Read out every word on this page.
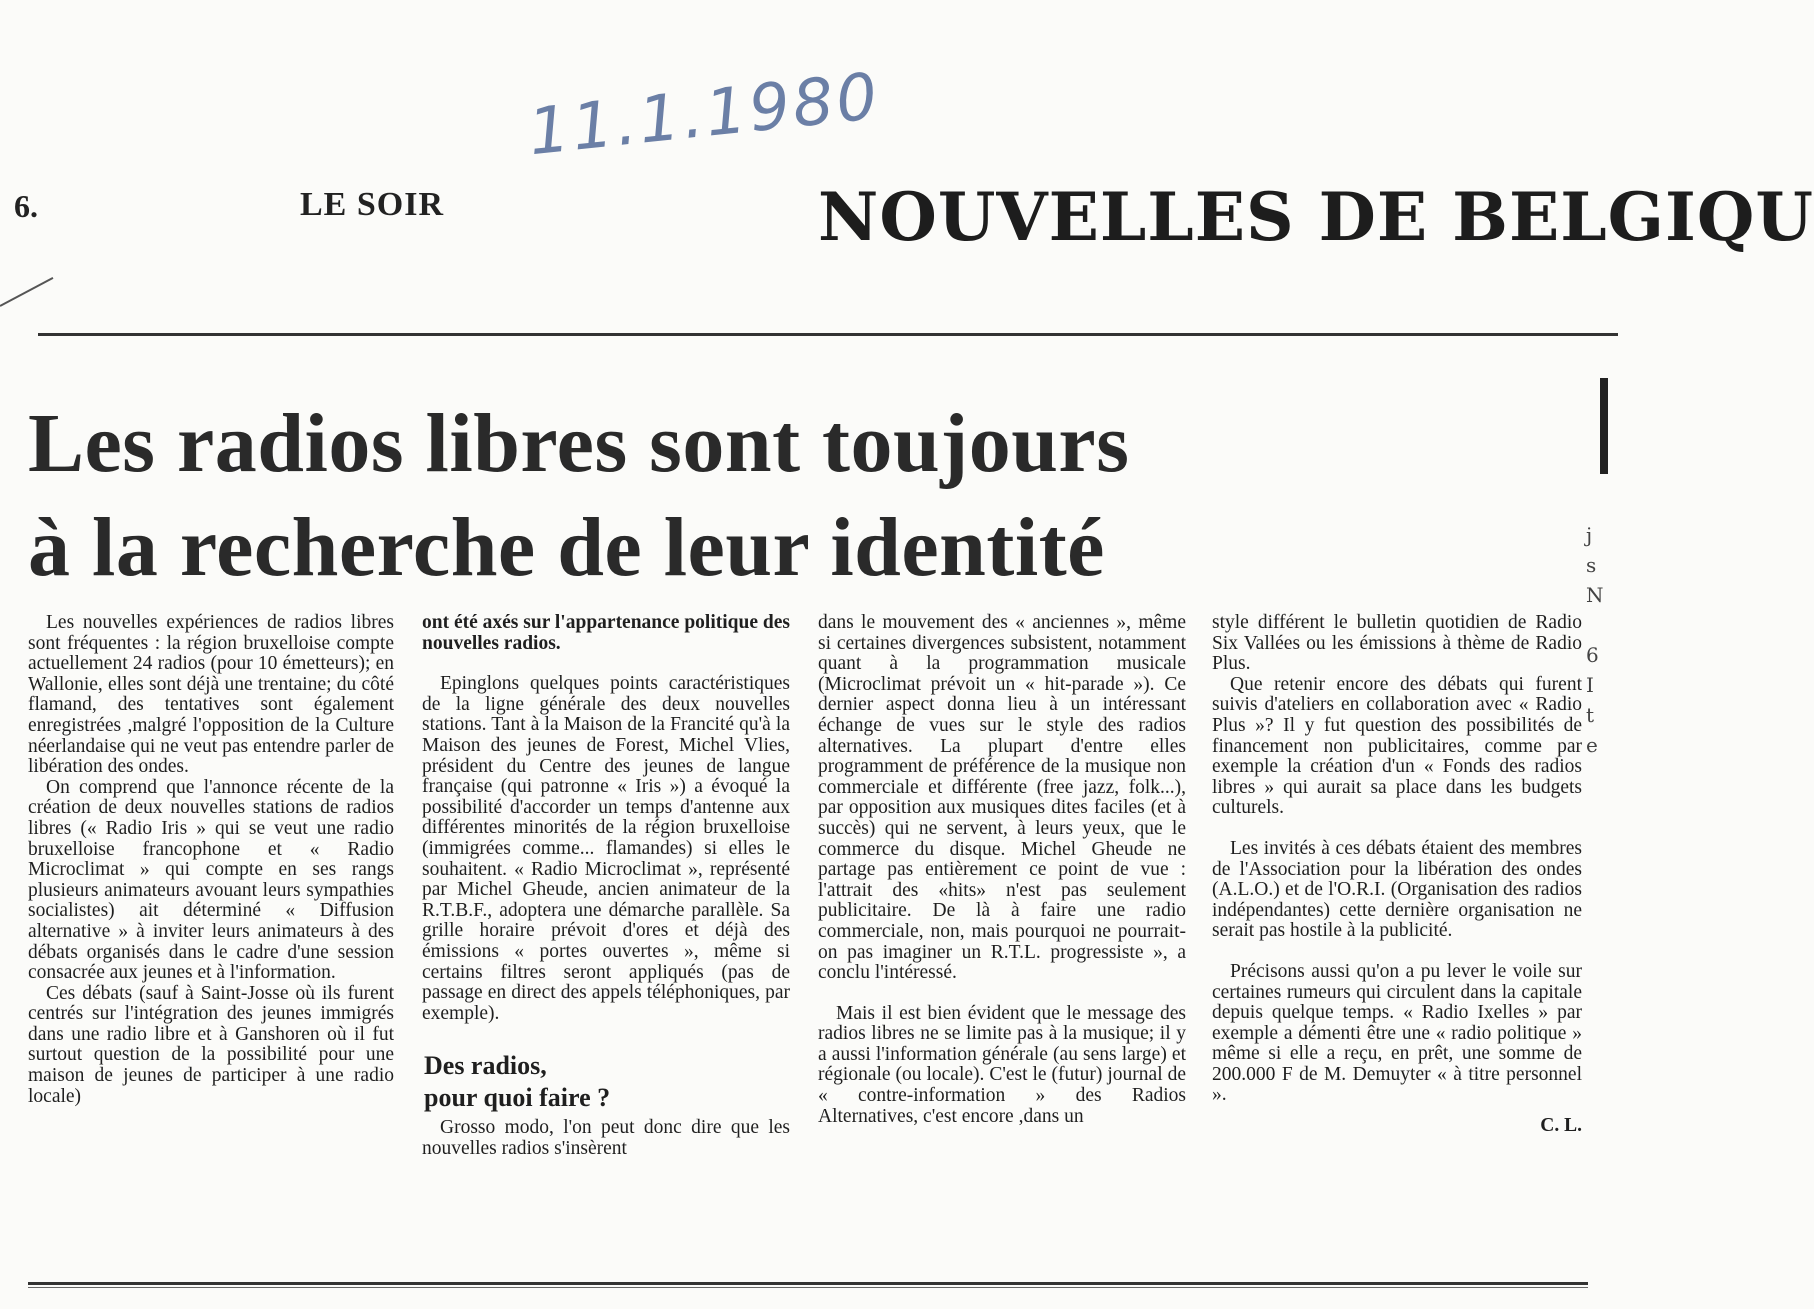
11.1.1980
6.	LE SOIR	NOUVELLES DE BELGIQU
j
s
N
6
I
t
e
Les radios libres sont toujours
à la recherche de leur identité

Les nouvelles expériences de radios libres sont fréquentes : la région bruxelloise compte actuellement 24 radios (pour 10 émetteurs); en Wallonie, elles sont déjà une trentaine; du côté flamand, des tentatives sont également enregistrées ,malgré l'opposition de la Culture néerlandaise qui ne veut pas entendre parler de libération des ondes.

On comprend que l'annonce récente de la création de deux nouvelles stations de radios libres (« Radio Iris » qui se veut une radio bruxelloise francophone et « Radio Microclimat » qui compte en ses rangs plusieurs animateurs avouant leurs sympathies socialistes) ait déterminé « Diffusion alternative » à inviter leurs animateurs à des débats organisés dans le cadre d'une session consacrée aux jeunes et à l'information.

Ces débats (sauf à Saint-Josse où ils furent centrés sur l'intégration des jeunes immigrés dans une radio libre et à Ganshoren où il fut surtout question de la possibilité pour une maison de jeunes de participer à une radio locale)

ont été axés sur l'appartenance politique des nouvelles radios.

Epinglons quelques points caractéristiques de la ligne générale des deux nouvelles stations. Tant à la Maison de la Francité qu'à la Maison des jeunes de Forest, Michel Vlies, président du Centre des jeunes de langue française (qui patronne « Iris ») a évoqué la possibilité d'accorder un temps d'antenne aux différentes minorités de la région bruxelloise (immigrées comme... flamandes) si elles le souhaitent. « Radio Microclimat », représenté par Michel Gheude, ancien animateur de la R.T.B.F., adoptera une démarche parallèle. Sa grille horaire prévoit d'ores et déjà des émissions « portes ouvertes », même si certains filtres seront appliqués (pas de passage en direct des appels téléphoniques, par exemple).

Des radios,
pour quoi faire ?

Grosso modo, l'on peut donc dire que les nouvelles radios s'insèrent

dans le mouvement des « anciennes », même si certaines divergences subsistent, notamment quant à la programmation musicale (Microclimat prévoit un « hit-parade »). Ce dernier aspect donna lieu à un intéressant échange de vues sur le style des radios alternatives. La plupart d'entre elles programment de préférence de la musique non commerciale et différente (free jazz, folk...), par opposition aux musiques dites faciles (et à succès) qui ne servent, à leurs yeux, que le commerce du disque. Michel Gheude ne partage pas entièrement ce point de vue : l'attrait des «hits» n'est pas seulement publicitaire. De là à faire une radio commerciale, non, mais pourquoi ne pourrait-on pas imaginer un R.T.L. progressiste », a conclu l'intéressé.

Mais il est bien évident que le message des radios libres ne se limite pas à la musique; il y a aussi l'information générale (au sens large) et régionale (ou locale). C'est le (futur) journal de « contre-information » des Radios Alternatives, c'est encore ,dans un

style différent le bulletin quotidien de Radio Six Vallées ou les émissions à thème de Radio Plus.

Que retenir encore des débats qui furent suivis d'ateliers en collaboration avec « Radio Plus »? Il y fut question des possibilités de financement non publicitaires, comme par exemple la création d'un « Fonds des radios libres » qui aurait sa place dans les budgets culturels.

Les invités à ces débats étaient des membres de l'Association pour la libération des ondes (A.L.O.) et de l'O.R.I. (Organisation des radios indépendantes) cette dernière organisation ne serait pas hostile à la publicité.

Précisons aussi qu'on a pu lever le voile sur certaines rumeurs qui circulent dans la capitale depuis quelque temps. « Radio Ixelles » par exemple a démenti être une « radio politique » même si elle a reçu, en prêt, une somme de 200.000 F de M. Demuyter « à titre personnel ».

C. L.
